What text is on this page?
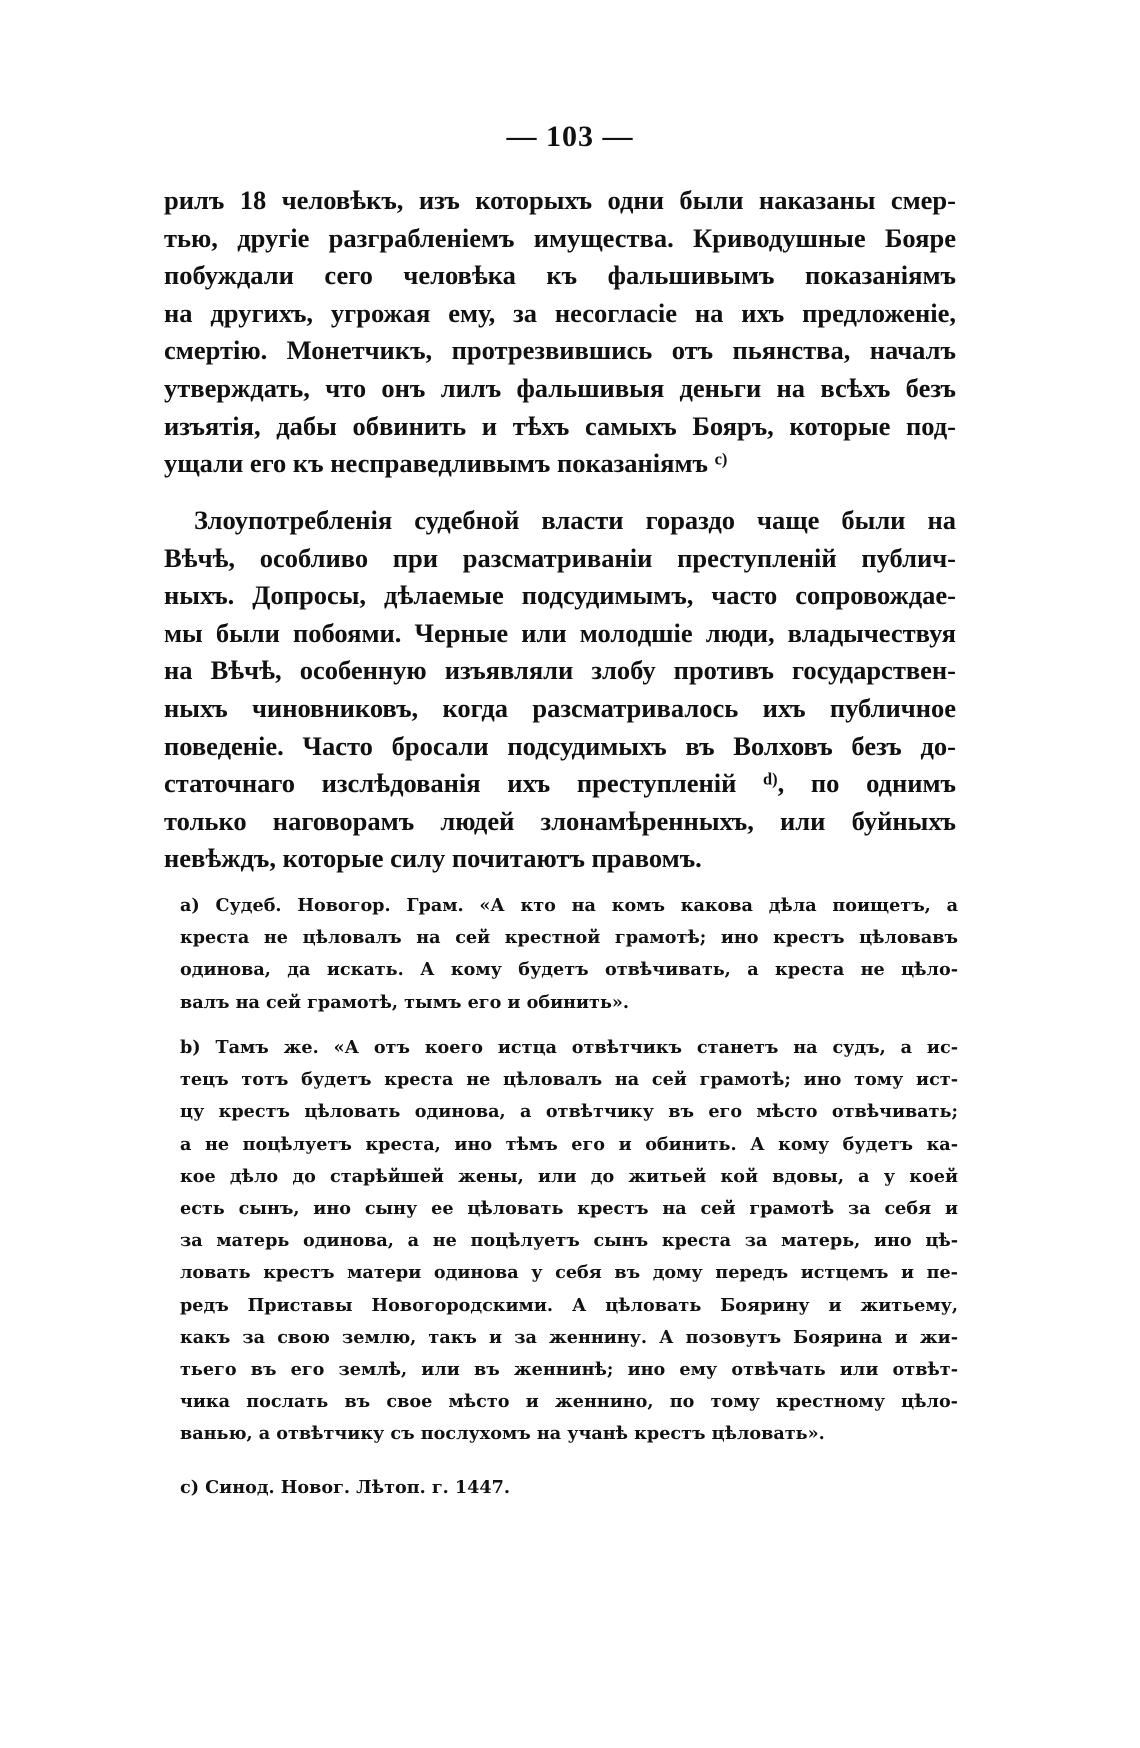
— 103 —
рилъ 18 человѣкъ, изъ которыхъ одни были наказаны смер-
тью, другіе разграбленіемъ имущества. Криводушные Бояре
побуждали сего человѣка къ фальшивымъ показаніямъ
на другихъ, угрожая ему, за несогласіе на ихъ предложеніе,
смертію. Монетчикъ, протрезвившись отъ пьянства, началъ
утверждать, что онъ лилъ фальшивыя деньги на всѣхъ безъ
изъятія, дабы обвинить и тѣхъ самыхъ Бояръ, которые под-
ущали его къ несправедливымъ показаніямъ $^{c)}$
Злоупотребленія судебной власти гораздо чаще были на
Вѣчѣ, особливо при разсматриваніи преступленій публич-
ныхъ. Допросы, дѣлаемые подсудимымъ, часто сопровождае-
мы были побоями. Черные или молодшіе люди, владычествуя
на Вѣчѣ, особенную изъявляли злобу противъ государствен-
ныхъ чиновниковъ, когда разсматривалось ихъ публичное
поведеніе. Часто бросали подсудимыхъ въ Волховъ безъ до-
статочнаго изслѣдованія ихъ преступленій $^{d)}$, по однимъ
только наговорамъ людей злонамѣренныхъ, или буйныхъ
невѣждъ, которые силу почитаютъ правомъ.
а) Судеб. Новогор. Грам. «А кто на комъ какова дѣла поищетъ, а
креста не цѣловалъ на сей крестной грамотѣ; ино крестъ цѣловавъ
одинова, да искать. А кому будетъ отвѣчивать, а креста не цѣло-
валъ на сей грамотѣ, тымъ его и обинить».
b) Тамъ же. «А отъ коего истца отвѣтчикъ станетъ на судъ, а ис-
тецъ тотъ будетъ креста не цѣловалъ на сей грамотѣ; ино тому ист-
цу крестъ цѣловать одинова, а отвѣтчику въ его мѣсто отвѣчивать;
а не поцѣлуетъ креста, ино тѣмъ его и обинить. А кому будетъ ка-
кое дѣло до старѣйшей жены, или до житьей кой вдовы, а у коей
есть сынъ, ино сыну ее цѣловать крестъ на сей грамотѣ за себя и
за матерь одинова, а не поцѣлуетъ сынъ креста за матерь, ино цѣ-
ловать крестъ матери одинова у себя въ дому передъ истцемъ и пе-
редъ Приставы Новогородскими. А цѣловать Боярину и житьему,
какъ за свою землю, такъ и за женнину. А позовутъ Боярина и жи-
тьего въ его землѣ, или въ женнинѣ; ино ему отвѣчать или отвѣт-
чика послать въ свое мѣсто и женнино, по тому крестному цѣло-
ванью, а отвѣтчику съ послухомъ на учанѣ крестъ цѣловать».
с) Синод. Новог. Лѣтоп. г. 1447.
